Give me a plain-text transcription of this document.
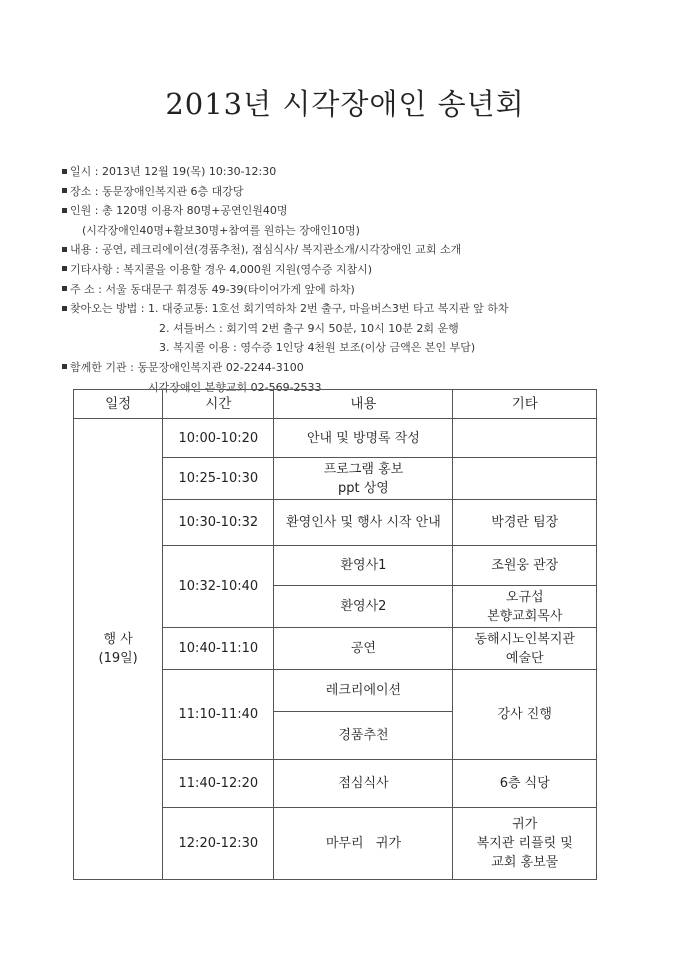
2013년 시각장애인 송년회
일시 : 2013년 12월 19(목) 10:30-12:30
장소 : 동문장애인복지관 6층 대강당
인원 : 총 120명 이용자 80명+공연인원40명
(시각장애인40명+활보30명+참여를 원하는 장애인10명)
내용 : 공연, 레크리에이션(경품추천), 점심식사/ 복지관소개/시각장애인 교회 소개
기타사항 : 복지콜을 이용할 경우 4,000원 지원(영수증 지참시)
주 소 : 서울 동대문구 휘경동 49-39(타이어가게 앞에 하차)
찾아오는 방법 : 1. 대중교통: 1호선 회기역하차 2번 출구, 마을버스3번 타고 복지관 앞 하차
2. 셔틀버스 : 회기역 2번 출구 9시 50분, 10시 10분 2회 운행
3. 복지콜 이용 : 영수증 1인당 4천원 보조(이상 금액은 본인 부담)
함께한 기관 : 동문장애인복지관 02-2244-3100
시각장애인 본향교회 02-569-2533
일정	시간	내용	기타

행 사
(19일)	10:00-10:20	안내 및 방명록 작성	
	10:25-10:30	프로그램 홍보
ppt 상영	

	10:30-10:32	환영인사 및 행사 시작 안내	박경란 팀장
	10:32-10:40	환영사1	조원웅 관장
		환영사2	오규섭
본향교회목사

	10:40-11:10	공연	동해시노인복지관
예술단

	11:10-11:40	레크리에이션	강사 진행
		경품추천	
	11:40-12:20	점심식사	6층 식당
	12:20-12:30	마무리   귀가	귀가
복지관 리플릿 및
교회 홍보물
